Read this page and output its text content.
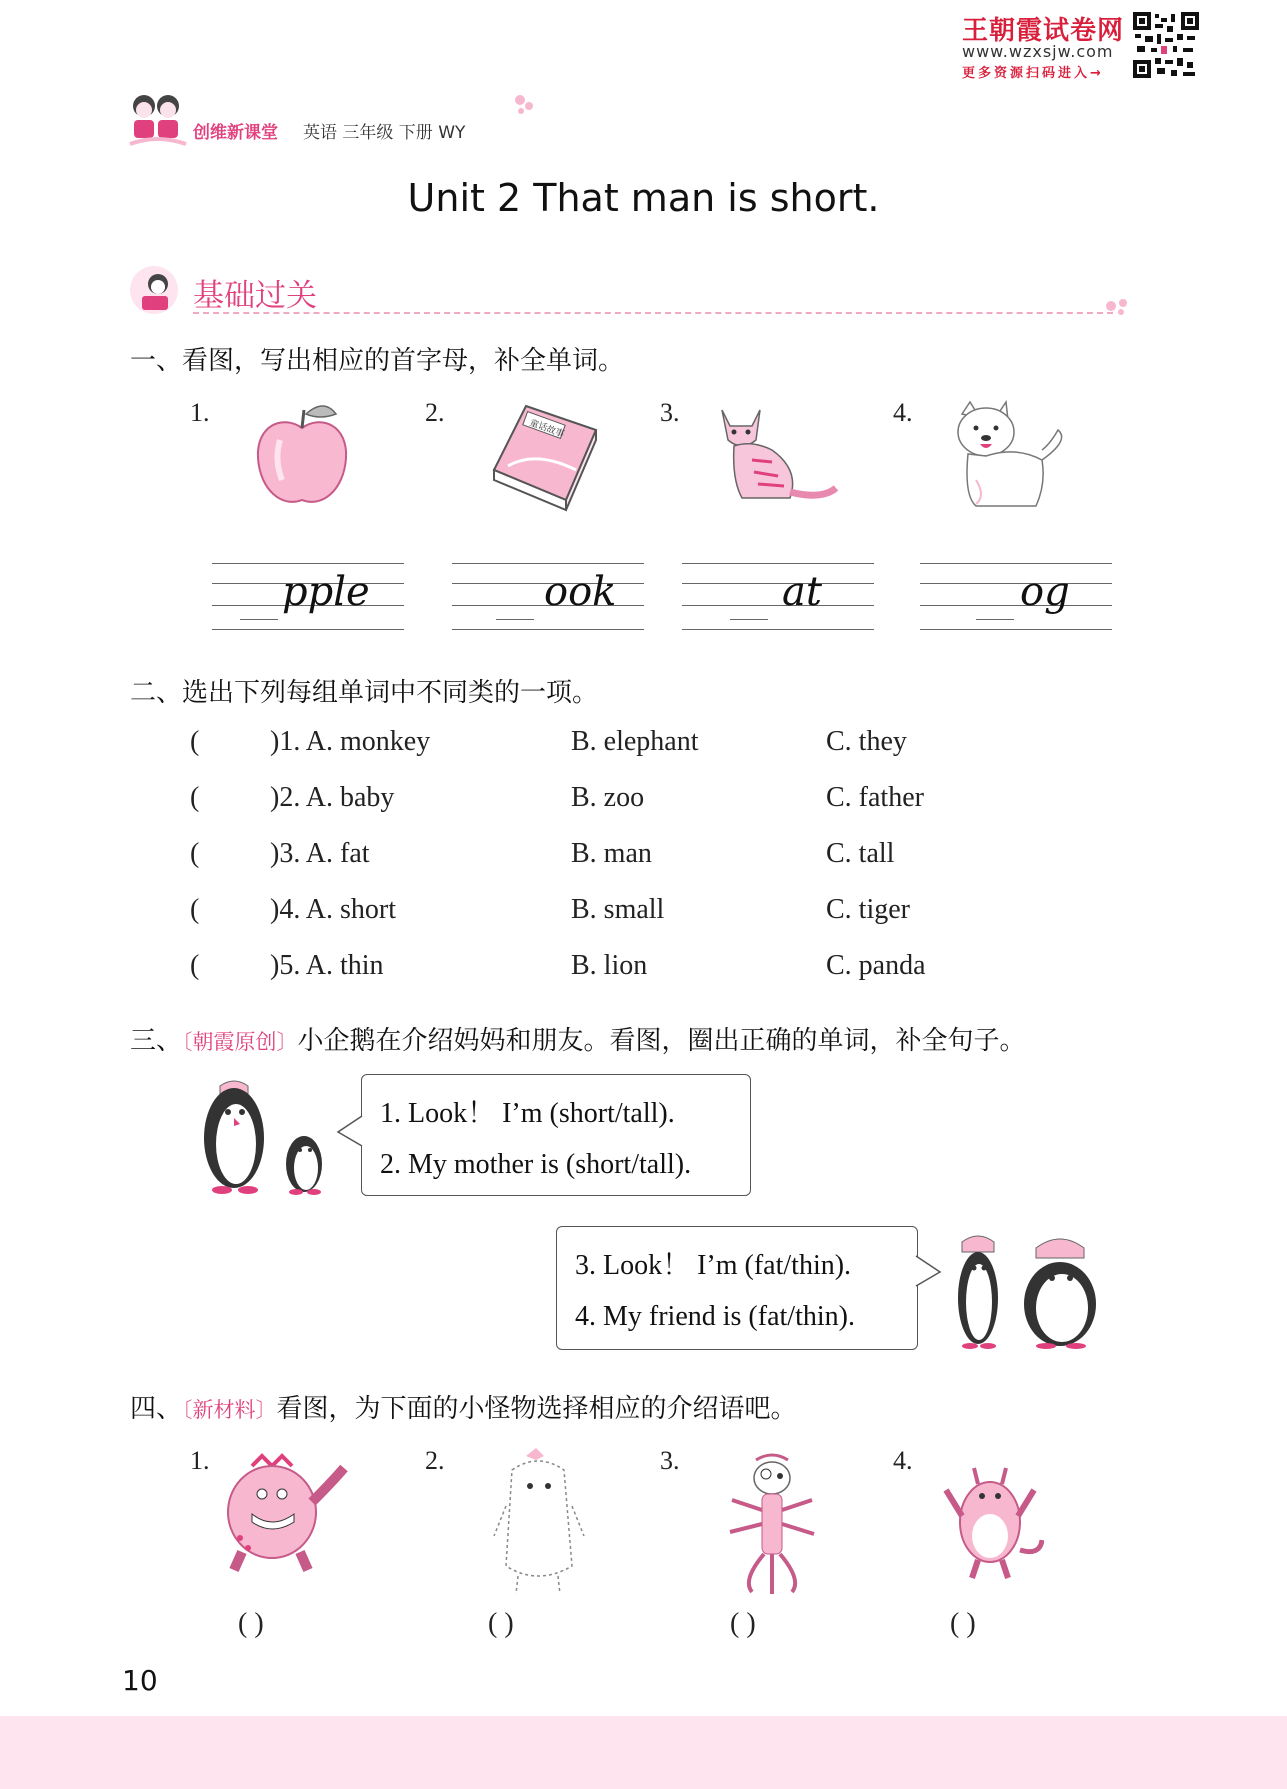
王朝霞试卷网
www.wzxsjw.com
更多资源扫码进入→
创维新课堂 英语 三年级 下册 WY
Unit 2 That man is short.
基础过关
一、看图，写出相应的首字母，补全单词。
1.	2.	3.	4.
童话故事
pple	ook	at	og
二、选出下列每组单词中不同类的一项。
(	)1. A. monkey	B. elephant	C. they
(	)2. A. baby	B. zoo	C. father
(	)3. A. fat	B. man	C. tall
(	)4. A. short	B. small	C. tiger
(	)5. A. thin	B. lion	C. panda
三、〔朝霞原创〕小企鹅在介绍妈妈和朋友。看图，圈出正确的单词，补全句子。
1. Look！ I’m (short/tall).
2. My mother is (short/tall).
3. Look！ I’m (fat/thin).
4. My friend is (fat/thin).
四、〔新材料〕看图，为下面的小怪物选择相应的介绍语吧。
1.	2.	3.	4.
( )	( )	( )	( )
10
